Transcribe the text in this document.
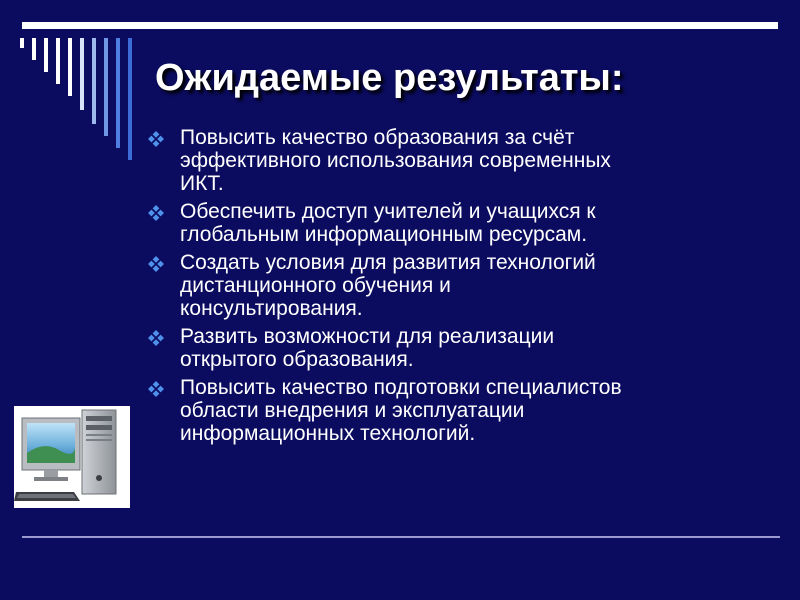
Ожидаемые результаты:
Повысить качество образования за счёт
эффективного использования современных
ИКТ.
Обеспечить доступ учителей и учащихся к
глобальным информационным ресурсам.
Создать условия для развития технологий
дистанционного обучения и
консультирования.
Развить возможности для реализации
открытого образования.
Повысить качество подготовки специалистов
области внедрения и эксплуатации
информационных технологий.
